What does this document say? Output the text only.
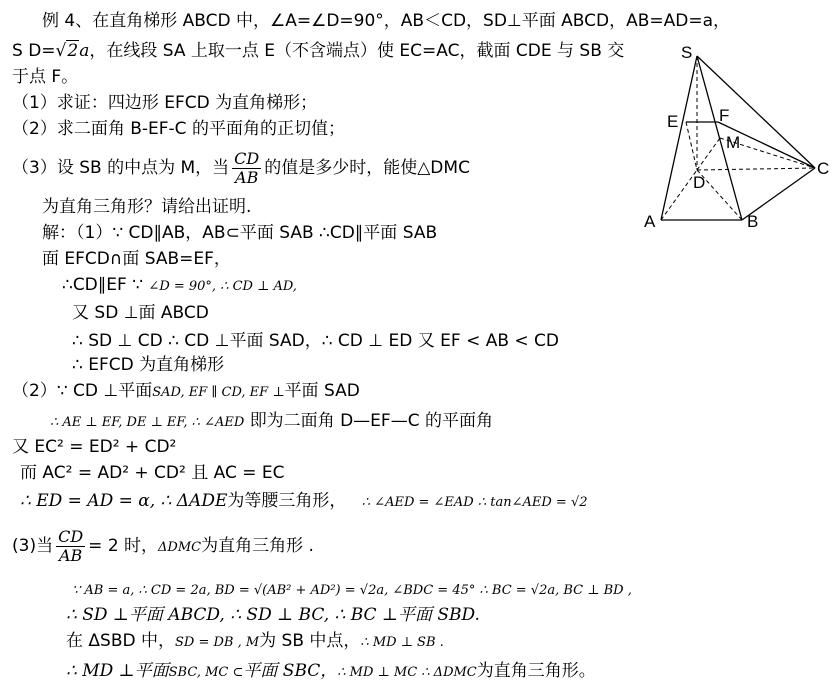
例 4、在直角梯形 ABCD 中，∠A=∠D=90°，AB＜CD，SD⊥平面 ABCD，AB=AD=a，
S D=√2a，在线段 SA 上取一点 E（不含端点）使 EC=AC，截面 CDE 与 SB 交
于点 F。
（1）求证：四边形 EFCD 为直角梯形；
（2）求二面角 B-EF-C 的平面角的正切值；
（3）设 SB 的中点为 M，当 $\frac{CD}{AB}$ 的值是多少时，能使△DMC
为直角三角形？请给出证明.
S
E F
M
D
C
A	B
解：（1）∵ CD∥AB，AB⊂平面 SAB ∴CD∥平面 SAB
面 EFCD∩面 SAB=EF，
∴CD∥EF ∵ ∠D = 90°, ∴ CD ⊥ AD,
又 SD ⊥面 ABCD
∴ SD ⊥ CD ∴ CD ⊥平面 SAD，∴ CD ⊥ ED 又 EF < AB < CD
∴ EFCD 为直角梯形
（2）∵ CD ⊥平面SAD, EF ∥ CD, EF ⊥平面 SAD
∴ AE ⊥ EF, DE ⊥ EF, ∴ ∠AED 即为二面角 D—EF—C 的平面角
又 EC² = ED² + CD²
而 AC² = AD² + CD² 且 AC = EC
∴ ED = AD = α, ∴ ΔADE为等腰三角形， ∴ ∠AED = ∠EAD ∴ tan∠AED = √2
(3)当 $\frac{CD}{AB} = 2$ 时，ΔDMC为直角三角形 .
∵ AB = a, ∴ CD = 2a, BD = √(AB² + AD²) = √2a, ∠BDC = 45° ∴ BC = √2a, BC ⊥ BD ,
∴ SD ⊥平面 ABCD, ∴ SD ⊥ BC, ∴ BC ⊥平面 SBD.
在 ΔSBD 中，SD = DB , M为 SB 中点，∴ MD ⊥ SB .
∴ MD ⊥平面SBC, MC ⊂平面 SBC，∴ MD ⊥ MC ∴ ΔDMC为直角三角形。
